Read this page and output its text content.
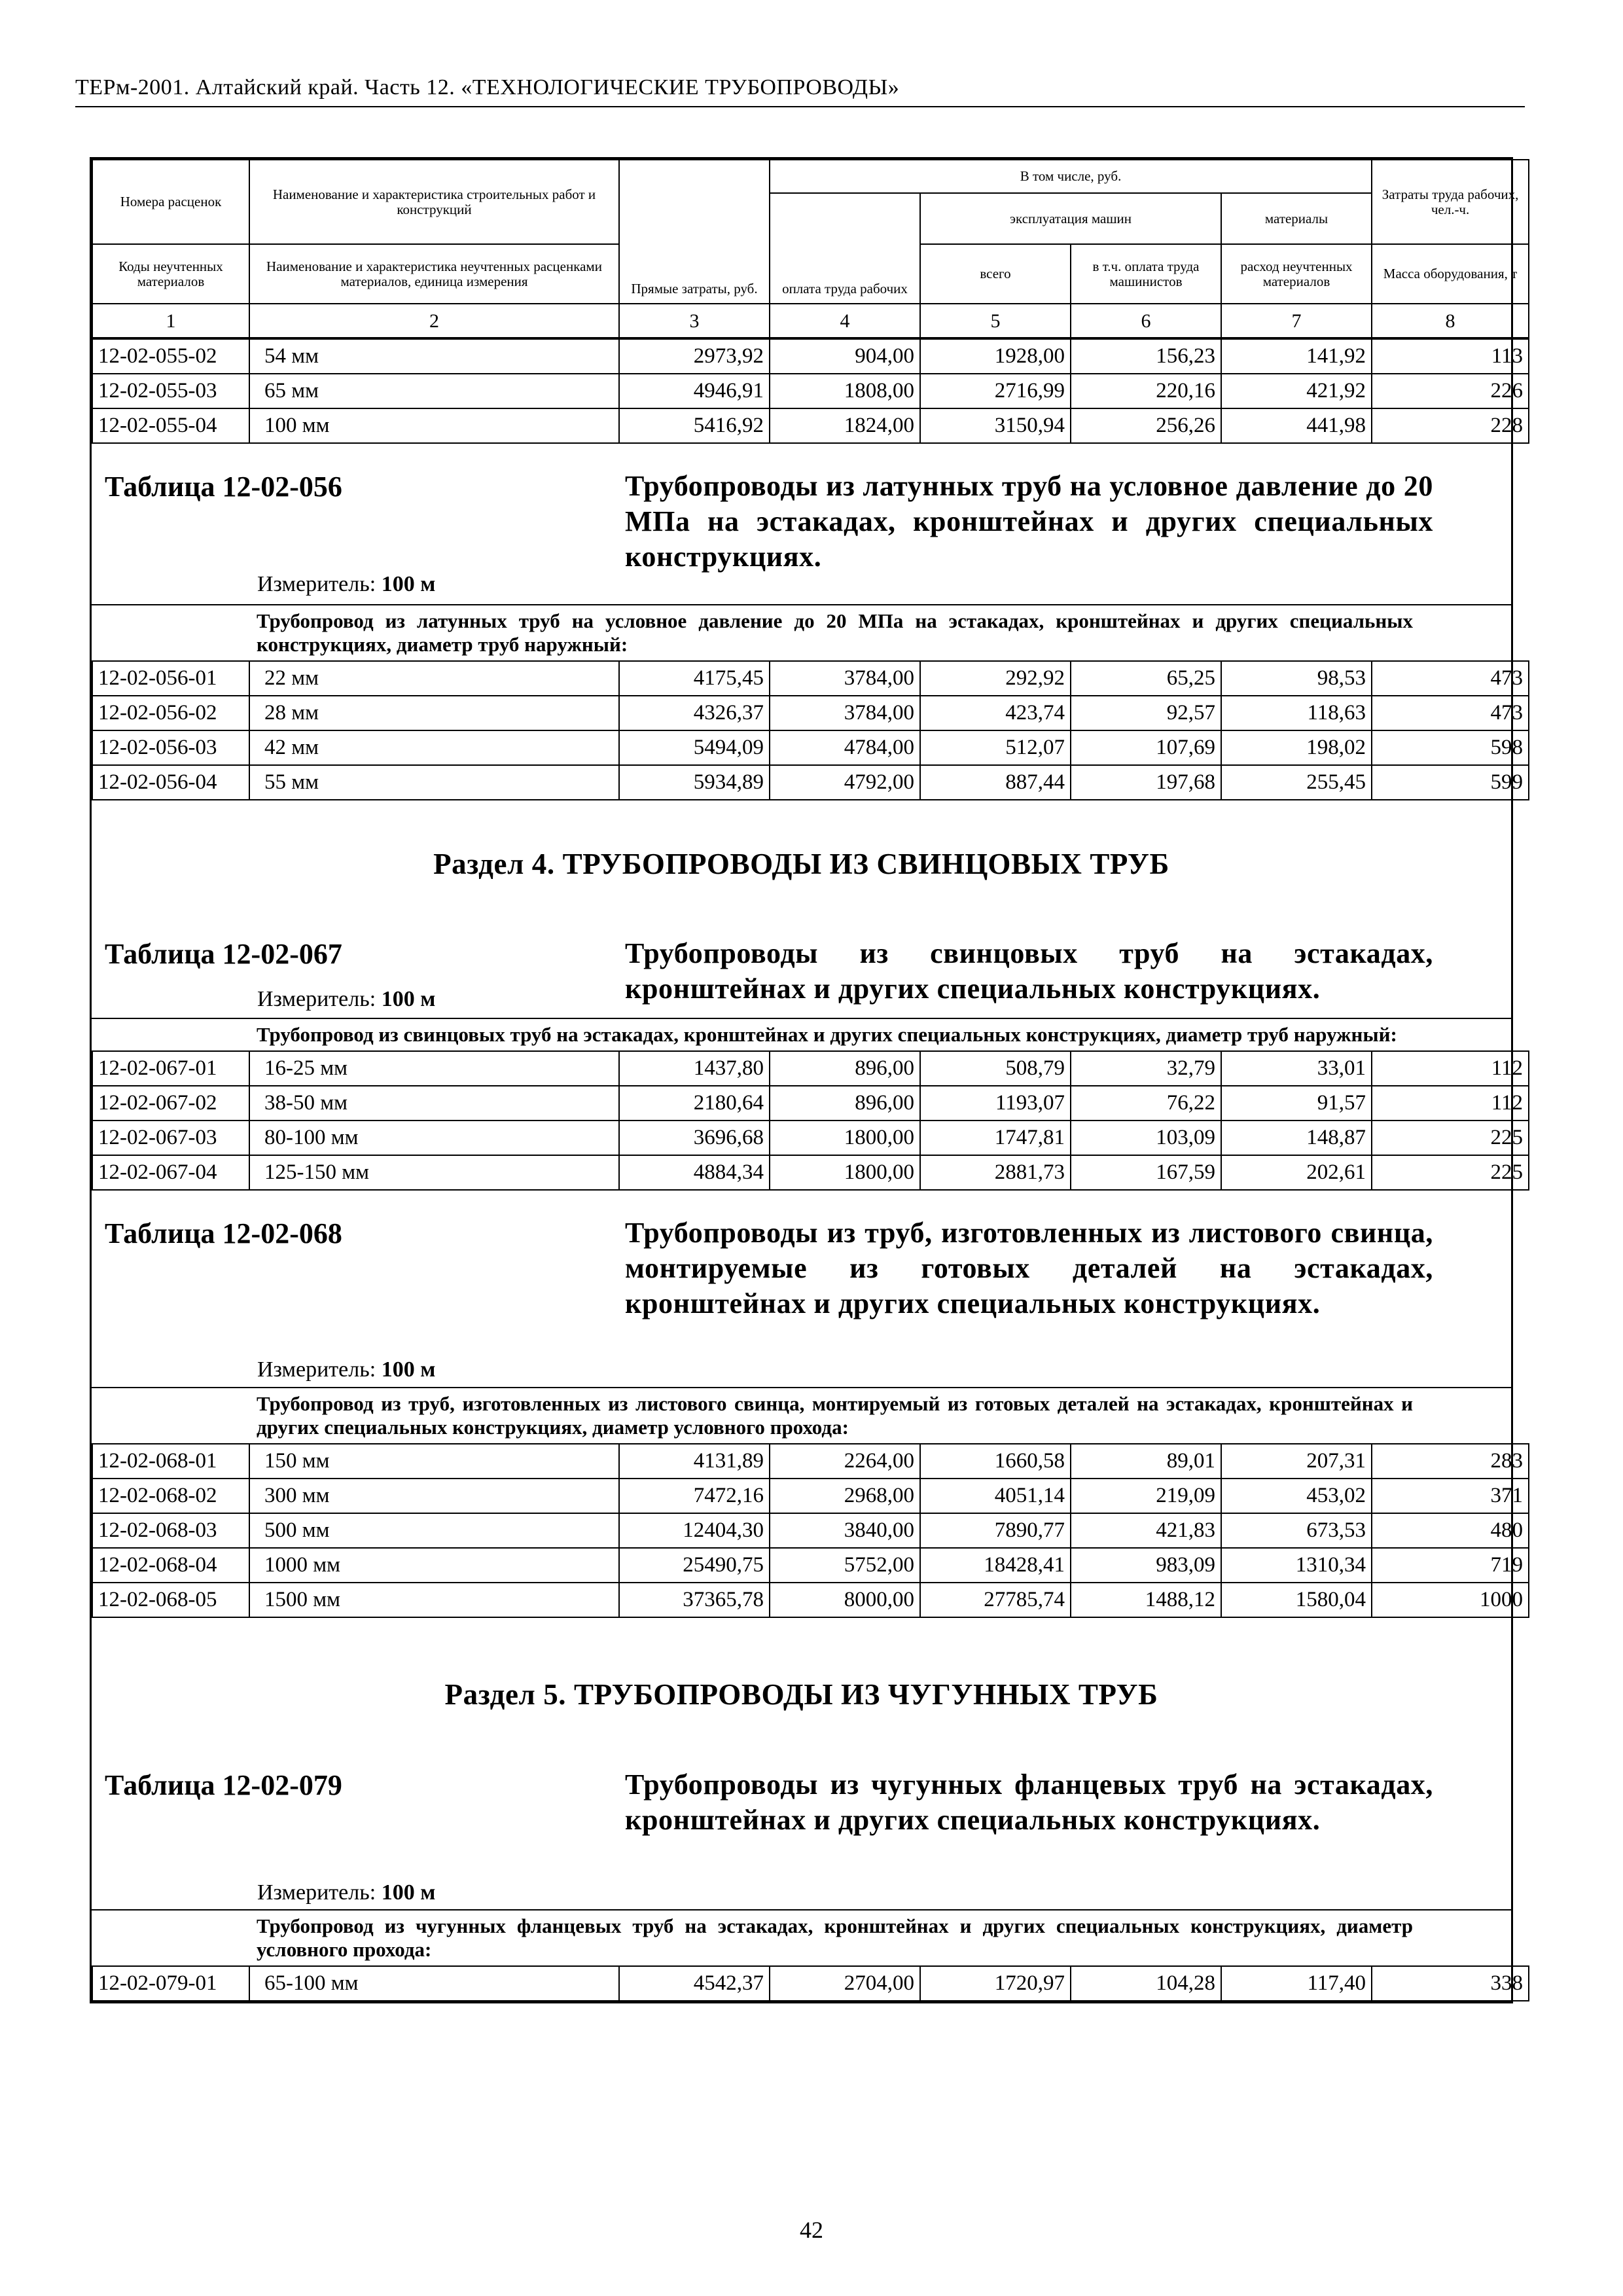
ТЕРм-2001. Алтайский край. Часть 12. «ТЕХНОЛОГИЧЕСКИЕ ТРУБОПРОВОДЫ»
Номера расценок	Наименование и характеристика строительных работ и конструкций	Прямые затраты, руб.	В том числе, руб.				Затраты труда рабочих, чел.-ч.
			оплата труда рабочих	эксплуатация машин		материалы	
Коды неучтенных материалов	Наименование и характеристика неучтенных расценками материалов, единица измерения			всего	в т.ч. оплата труда машинистов	расход неучтенных материалов	Масса оборудования, т

1	2	3	4	5	6	7	8
12-02-055-02	54 мм	2973,92	904,00	1928,00	156,23	141,92	113
12-02-055-03	65 мм	4946,91	1808,00	2716,99	220,16	421,92	226
12-02-055-04	100 мм	5416,92	1824,00	3150,94	256,26	441,98	228
Таблица 12-02-056	Трубопроводы из латунных труб на условное давление до 20 МПа на эстакадах, кронштейнах и других специальных конструкциях.
Измеритель: 100 м
Трубопровод из латунных труб на условное давление до 20 МПа на эстакадах, кронштейнах и других специальных конструкциях, диаметр труб наружный:
12-02-056-01	22 мм	4175,45	3784,00	292,92	65,25	98,53	473
12-02-056-02	28 мм	4326,37	3784,00	423,74	92,57	118,63	473
12-02-056-03	42 мм	5494,09	4784,00	512,07	107,69	198,02	598
12-02-056-04	55 мм	5934,89	4792,00	887,44	197,68	255,45	599
Раздел 4. ТРУБОПРОВОДЫ ИЗ СВИНЦОВЫХ ТРУБ
Таблица 12-02-067	Трубопроводы из свинцовых труб на эстакадах, кронштейнах и других специальных конструкциях.
Измеритель: 100 м
Трубопровод из свинцовых труб на эстакадах, кронштейнах и других специальных конструкциях, диаметр труб наружный:
12-02-067-01	16-25 мм	1437,80	896,00	508,79	32,79	33,01	112
12-02-067-02	38-50 мм	2180,64	896,00	1193,07	76,22	91,57	112
12-02-067-03	80-100 мм	3696,68	1800,00	1747,81	103,09	148,87	225
12-02-067-04	125-150 мм	4884,34	1800,00	2881,73	167,59	202,61	225
Таблица 12-02-068	Трубопроводы из труб, изготовленных из листового свинца, монтируемые из готовых деталей на эстакадах, кронштейнах и других специальных конструкциях.
Измеритель: 100 м
Трубопровод из труб, изготовленных из листового свинца, монтируемый из готовых деталей на эстакадах, кронштейнах и других специальных конструкциях, диаметр условного прохода:
12-02-068-01	150 мм	4131,89	2264,00	1660,58	89,01	207,31	283
12-02-068-02	300 мм	7472,16	2968,00	4051,14	219,09	453,02	371
12-02-068-03	500 мм	12404,30	3840,00	7890,77	421,83	673,53	480
12-02-068-04	1000 мм	25490,75	5752,00	18428,41	983,09	1310,34	719
12-02-068-05	1500 мм	37365,78	8000,00	27785,74	1488,12	1580,04	1000
Раздел 5. ТРУБОПРОВОДЫ ИЗ ЧУГУННЫХ ТРУБ
Таблица 12-02-079	Трубопроводы из чугунных фланцевых труб на эстакадах, кронштейнах и других специальных конструкциях.
Измеритель: 100 м
Трубопровод из чугунных фланцевых труб на эстакадах, кронштейнах и других специальных конструкциях, диаметр условного прохода:
12-02-079-01	65-100 мм	4542,37	2704,00	1720,97	104,28	117,40	338
42
